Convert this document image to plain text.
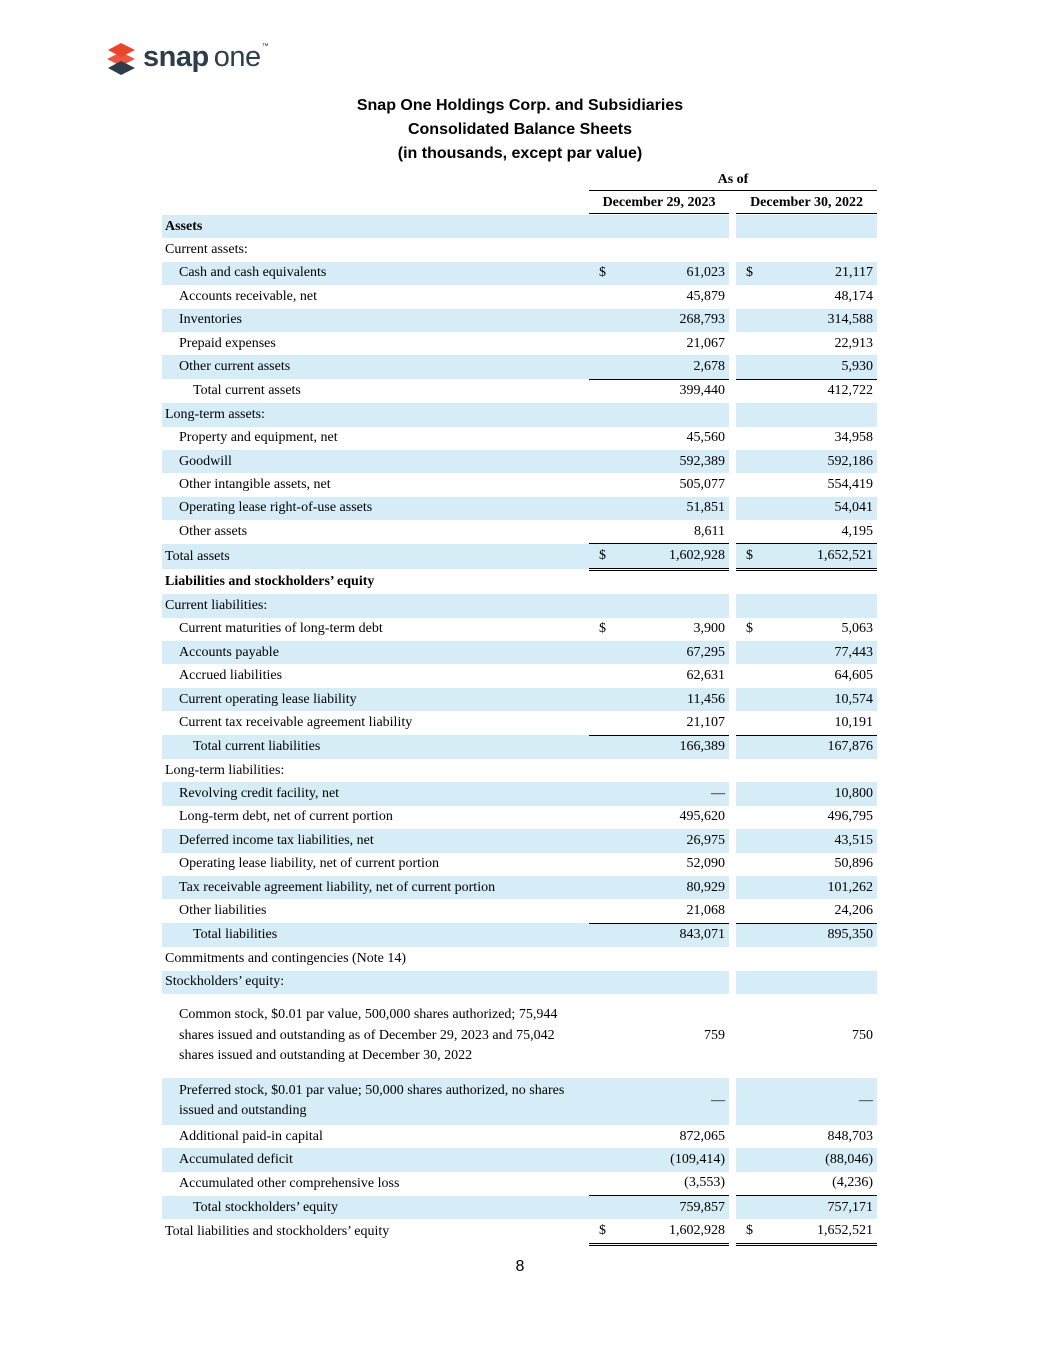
snap one™
Snap One Holdings Corp. and Subsidiaries
Consolidated Balance Sheets
(in thousands, except par value)
As of
December 29, 2023	December 30, 2022
Assets					
Current assets:					
Cash and cash equivalents	$	61,023		$	21,117
Accounts receivable, net		45,879			48,174
Inventories		268,793			314,588
Prepaid expenses		21,067			22,913
Other current assets		2,678			5,930
Total current assets		399,440			412,722
Long-term assets:					
Property and equipment, net		45,560			34,958
Goodwill		592,389			592,186
Other intangible assets, net		505,077			554,419
Operating lease right-of-use assets		51,851			54,041
Other assets		8,611			4,195
Total assets	$	1,602,928		$	1,652,521
Liabilities and stockholders’ equity					
Current liabilities:					
Current maturities of long-term debt	$	3,900		$	5,063
Accounts payable		67,295			77,443
Accrued liabilities		62,631			64,605
Current operating lease liability		11,456			10,574
Current tax receivable agreement liability		21,107			10,191
Total current liabilities		166,389			167,876
Long-term liabilities:					
Revolving credit facility, net		—			10,800
Long-term debt, net of current portion		495,620			496,795
Deferred income tax liabilities, net		26,975			43,515
Operating lease liability, net of current portion		52,090			50,896
Tax receivable agreement liability, net of current portion		80,929			101,262
Other liabilities		21,068			24,206
Total liabilities		843,071			895,350
Commitments and contingencies (Note 14)					
Stockholders’ equity:					
Common stock, $0.01 par value, 500,000 shares authorized; 75,944 shares issued and outstanding as of December 29, 2023 and 75,042 shares issued and outstanding at December 30, 2022		759			750
Preferred stock, $0.01 par value; 50,000 shares authorized, no shares issued and outstanding		—			—
Additional paid-in capital		872,065			848,703
Accumulated deficit		(109,414)			(88,046)
Accumulated other comprehensive loss		(3,553)			(4,236)
Total stockholders’ equity		759,857			757,171
Total liabilities and stockholders’ equity	$	1,602,928		$	1,652,521
8
